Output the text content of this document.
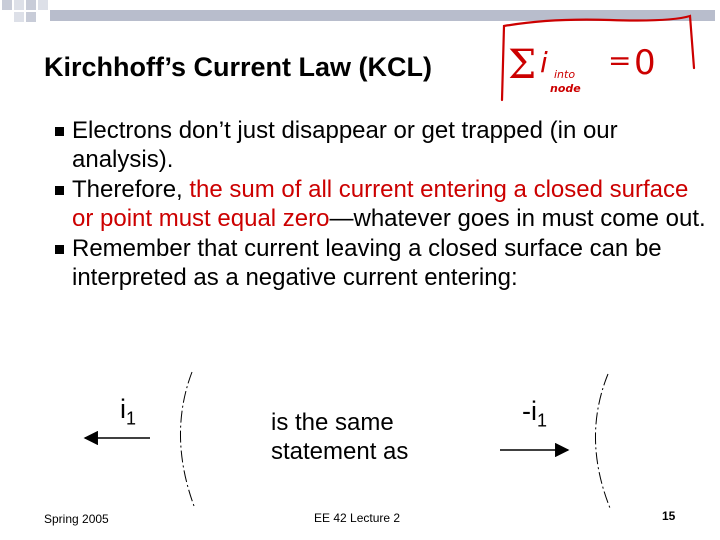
Kirchhoff’s Current Law (KCL) Σ i into
node
= 0
Electrons don’t just disappear or get trapped (in our analysis).
Therefore, the sum of all current entering a closed surface or point must equal zero—whatever goes in must come out.
Remember that current leaving a closed surface can be interpreted as a negative current entering:
$i_1$	is the same
statement as
$-i_1$
Spring 2005	EE 42 Lecture 2	15
